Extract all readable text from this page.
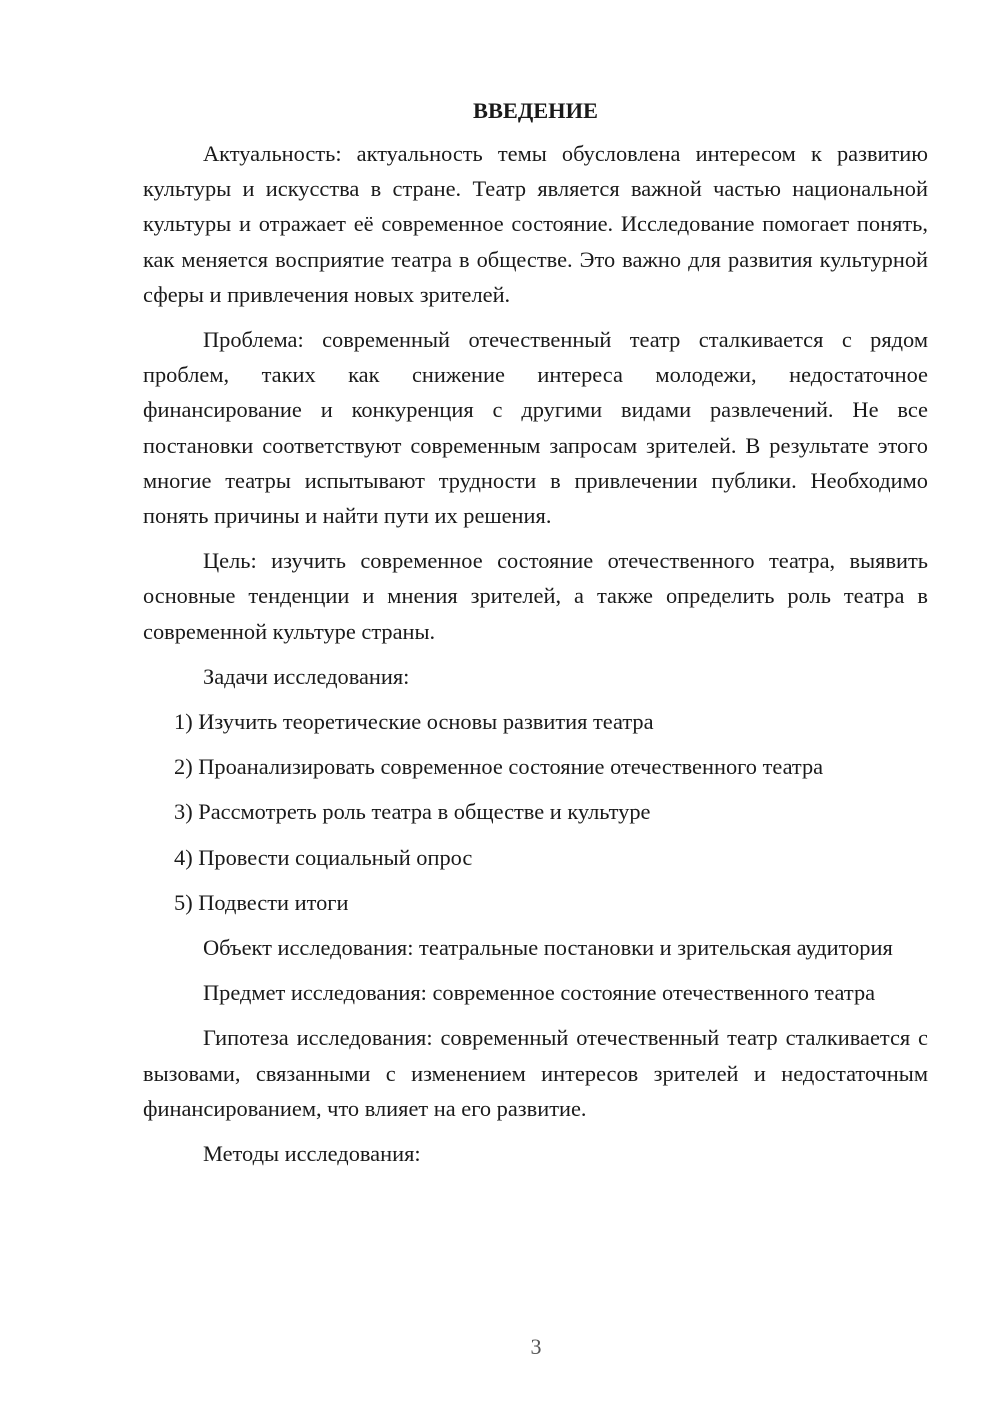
ВВЕДЕНИЕ

Актуальность: актуальность темы обусловлена интересом к развитию культуры и искусства в стране. Театр является важной частью национальной культуры и отражает её современное состояние. Исследование помогает понять, как меняется восприятие театра в обществе. Это важно для развития культурной сферы и привлечения новых зрителей.

Проблема: современный отечественный театр сталкивается с рядом проблем, таких как снижение интереса молодежи, недостаточное финансирование и конкуренция с другими видами развлечений. Не все постановки соответствуют современным запросам зрителей. В результате этого многие театры испытывают трудности в привлечении публики. Необходимо понять причины и найти пути их решения.

Цель: изучить современное состояние отечественного театра, выявить основные тенденции и мнения зрителей, а также определить роль театра в современной культуре страны.

Задачи исследования:

1) Изучить теоретические основы развития театра
2) Проанализировать современное состояние отечественного театра
3) Рассмотреть роль театра в обществе и культуре
4) Провести социальный опрос
5) Подвести итоги

Объект исследования: театральные постановки и зрительская аудитория

Предмет исследования: современное состояние отечественного театра

Гипотеза исследования: современный отечественный театр сталкивается с вызовами, связанными с изменением интересов зрителей и недостаточным финансированием, что влияет на его развитие.

Методы исследования:

3
